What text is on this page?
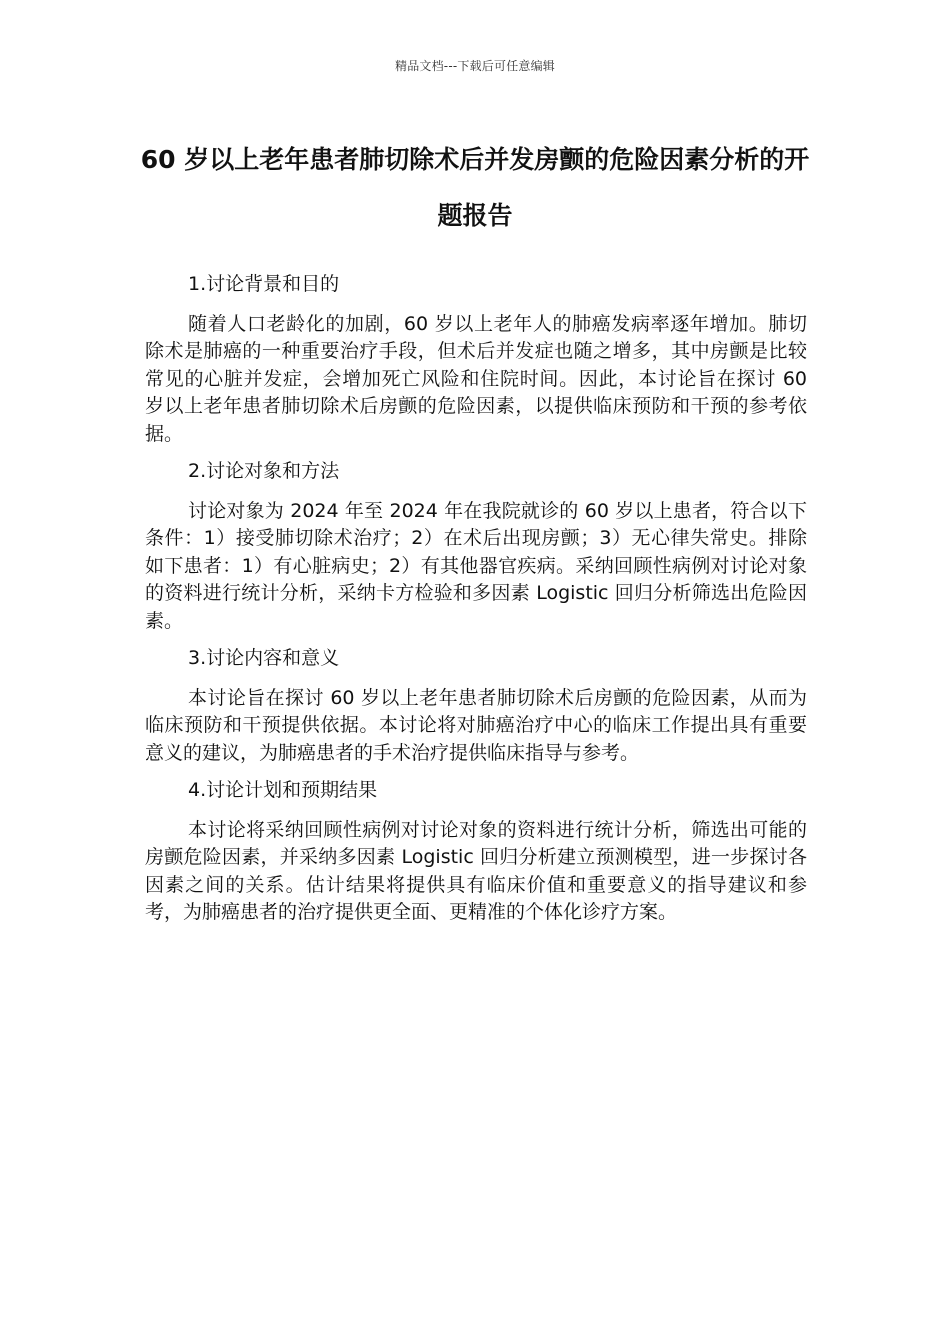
精品文档---下载后可任意编辑
60 岁以上老年患者肺切除术后并发房颤的危险因素分析的开题报告

1.讨论背景和目的

随着人口老龄化的加剧，60 岁以上老年人的肺癌发病率逐年增加。肺切除术是肺癌的一种重要治疗手段，但术后并发症也随之增多，其中房颤是比较常见的心脏并发症，会增加死亡风险和住院时间。因此，本讨论旨在探讨 60 岁以上老年患者肺切除术后房颤的危险因素，以提供临床预防和干预的参考依据。

2.讨论对象和方法

讨论对象为 2024 年至 2024 年在我院就诊的 60 岁以上患者，符合以下条件：1）接受肺切除术治疗；2）在术后出现房颤；3）无心律失常史。排除如下患者：1）有心脏病史；2）有其他器官疾病。采纳回顾性病例对讨论对象的资料进行统计分析，采纳卡方检验和多因素 Logistic 回归分析筛选出危险因素。

3.讨论内容和意义

本讨论旨在探讨 60 岁以上老年患者肺切除术后房颤的危险因素，从而为临床预防和干预提供依据。本讨论将对肺癌治疗中心的临床工作提出具有重要意义的建议，为肺癌患者的手术治疗提供临床指导与参考。

4.讨论计划和预期结果

本讨论将采纳回顾性病例对讨论对象的资料进行统计分析，筛选出可能的房颤危险因素，并采纳多因素 Logistic 回归分析建立预测模型，进一步探讨各因素之间的关系。估计结果将提供具有临床价值和重要意义的指导建议和参考，为肺癌患者的治疗提供更全面、更精准的个体化诊疗方案。
